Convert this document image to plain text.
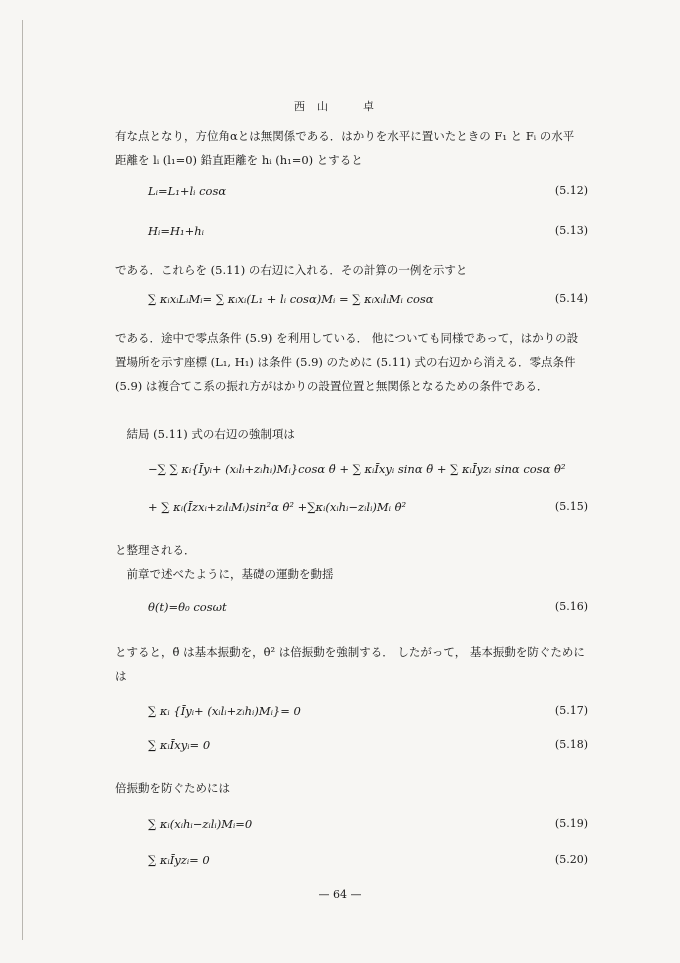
西山　卓

有な点となり，方位角αとは無関係である．はかりを水平に置いたときの F₁ と Fᵢ の水平距離を lᵢ (l₁=0) 鉛直距離を hᵢ (h₁=0) とすると

Lᵢ=L₁+lᵢ cosα	(5.12)
Hᵢ=H₁+hᵢ	(5.13)

である．これらを (5.11) の右辺に入れる．その計算の一例を示すと

∑ κᵢxᵢLᵢMᵢ= ∑ κᵢxᵢ(L₁ + lᵢ cosα)Mᵢ = ∑ κᵢxᵢlᵢMᵢ cosα	(5.14)

である．途中で零点条件 (5.9) を利用している． 他についても同様であって，はかりの設置場所を示す座標 (L₁, H₁) は条件 (5.9) のために (5.11) 式の右辺から消える．零点条件 (5.9) は複合てこ系の振れ方がはかりの設置位置と無関係となるための条件である．

　結局 (5.11) 式の右辺の強制項は

−∑ ∑ κᵢ{Īyᵢ+ (xᵢlᵢ+zᵢhᵢ)Mᵢ}cosα θ̈ + ∑ κᵢĪxyᵢ sinα θ̈ + ∑ κᵢĪyzᵢ sinα cosα θ̇²
+ ∑ κᵢ(Īzxᵢ+zᵢlᵢMᵢ)sin²α θ̇² +∑κᵢ(xᵢhᵢ−zᵢlᵢ)Mᵢ θ̇²	(5.15)

と整理される．

　前章で述べたように，基礎の運動を動揺

θ(t)=θ₀ cosωt	(5.16)

とすると，θ̈ は基本振動を，θ̇² は倍振動を強制する． したがって， 基本振動を防ぐためには

∑ κᵢ {Īyᵢ+ (xᵢlᵢ+zᵢhᵢ)Mᵢ}= 0	(5.17)
∑ κᵢĪxyᵢ= 0	(5.18)

倍振動を防ぐためには

∑ κᵢ(xᵢhᵢ−zᵢlᵢ)Mᵢ=0	(5.19)
∑ κᵢĪyzᵢ= 0	(5.20)
— 64 —
